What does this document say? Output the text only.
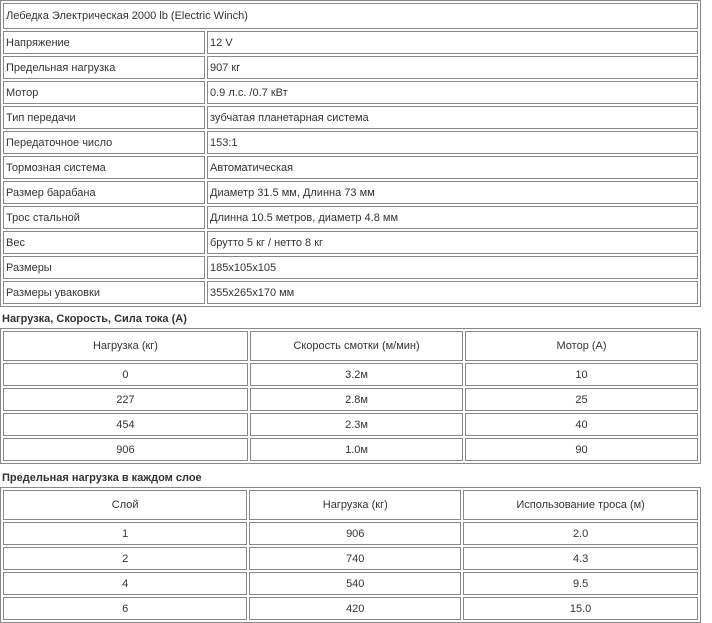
Лебедка Электрическая 2000 lb (Electric Winch)	
Напряжение	12 V
Предельная нагрузка	907 кг
Мотор	0.9 л.с. /0.7 кВт
Тип передачи	зубчатая планетарная система
Передаточное число	153:1
Тормозная система	Автоматическая
Размер барабана	Диаметр 31.5 мм, Длинна 73 мм
Трос стальной	Длинна 10.5 метров, диаметр 4.8 мм
Вес	брутто 5 кг / нетто 8 кг
Размеры	185x105x105
Размеры уваковки	355x265x170 мм
Нагрузка, Скорость, Сила тока (А)
Нагрузка (кг)	Скорость смотки (м/мин)	Мотор (А)
0	3.2м	10
227	2.8м	25
454	2.3м	40
906	1.0м	90
Предельная нагрузка в каждом слое
Слой	Нагрузка (кг)	Использование троса (м)
1	906	2.0
2	740	4.3
4	540	9.5
6	420	15.0
